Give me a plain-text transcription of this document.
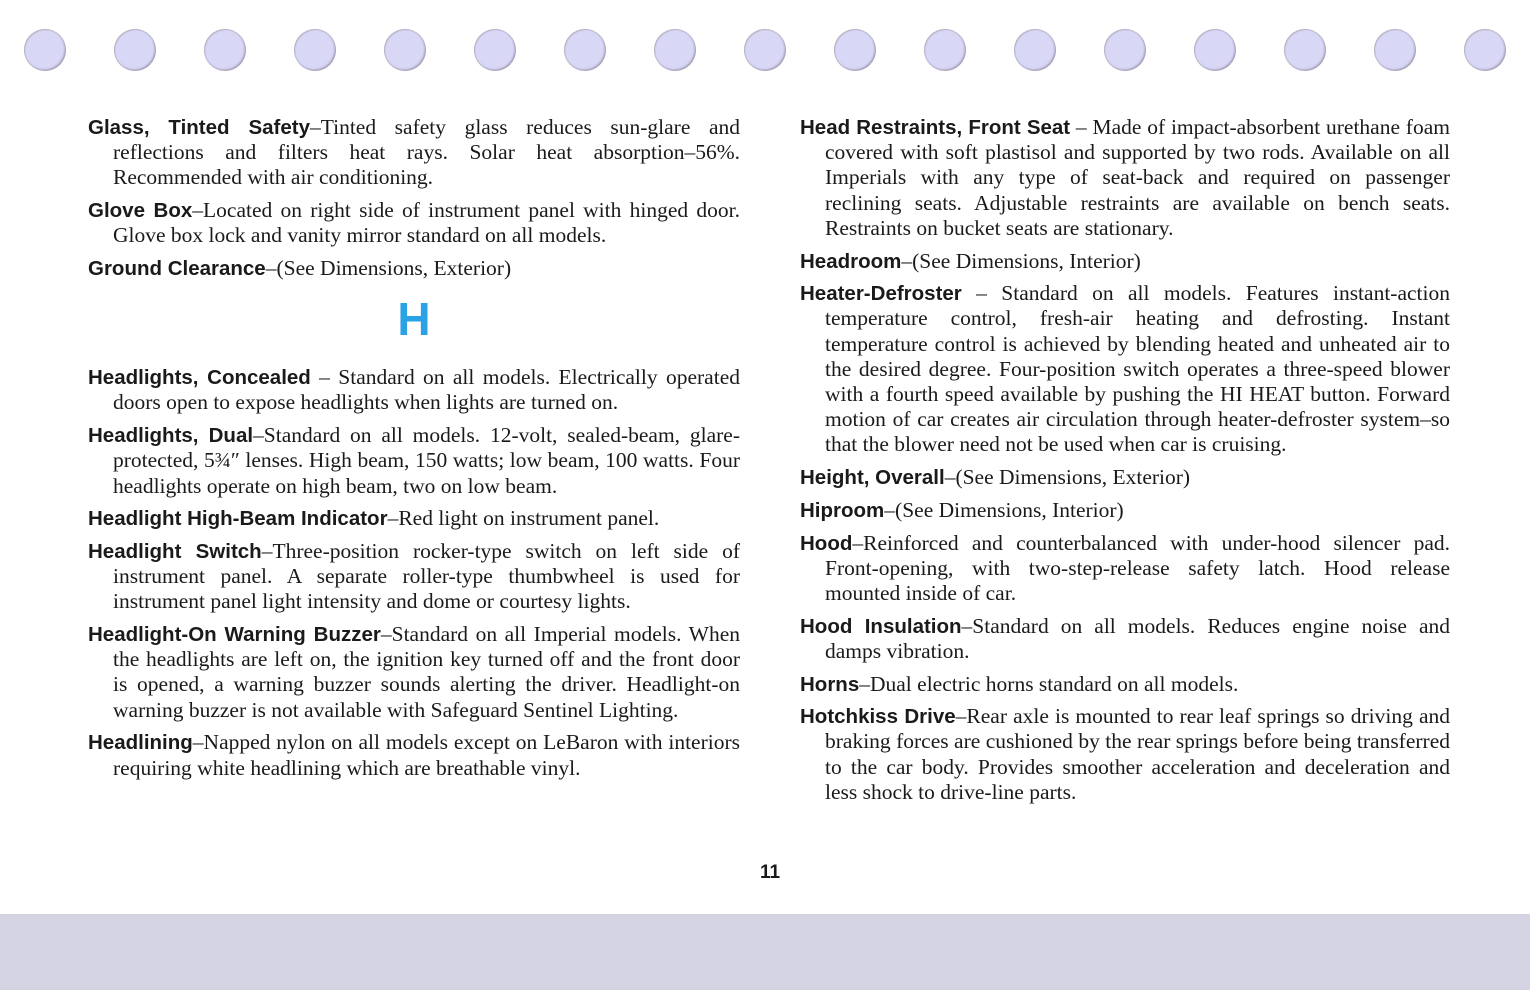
Glass, Tinted Safety–Tinted safety glass reduces sun-glare and reflections and filters heat rays. Solar heat absorption–56%. Recommended with air conditioning.

Glove Box–Located on right side of instrument panel with hinged door. Glove box lock and vanity mirror standard on all models.

Ground Clearance–(See Dimensions, Exterior)

H

Headlights, Concealed – Standard on all models. Electrically operated doors open to expose headlights when lights are turned on.

Headlights, Dual–Standard on all models. 12-volt, sealed-beam, glare-protected, 5¾″ lenses. High beam, 150 watts; low beam, 100 watts. Four headlights operate on high beam, two on low beam.

Headlight High-Beam Indicator–Red light on instrument panel.

Headlight Switch–Three-position rocker-type switch on left side of instrument panel. A separate roller-type thumbwheel is used for instrument panel light intensity and dome or courtesy lights.

Headlight-On Warning Buzzer–Standard on all Imperial models. When the headlights are left on, the ignition key turned off and the front door is opened, a warning buzzer sounds alerting the driver. Headlight-on warning buzzer is not available with Safeguard Sentinel Lighting.

Headlining–Napped nylon on all models except on LeBaron with interiors requiring white headlining which are breathable vinyl.

Head Restraints, Front Seat – Made of impact-absorbent urethane foam covered with soft plastisol and supported by two rods. Available on all Imperials with any type of seat-back and required on passenger reclining seats. Adjustable restraints are available on bench seats. Restraints on bucket seats are stationary.

Headroom–(See Dimensions, Interior)

Heater-Defroster – Standard on all models. Features instant-action temperature control, fresh-air heating and defrosting. Instant temperature control is achieved by blending heated and unheated air to the desired degree. Four-position switch operates a three-speed blower with a fourth speed available by pushing the HI HEAT button. Forward motion of car creates air circulation through heater-defroster system–so that the blower need not be used when car is cruising.

Height, Overall–(See Dimensions, Exterior)

Hiproom–(See Dimensions, Interior)

Hood–Reinforced and counterbalanced with under-hood silencer pad. Front-opening, with two-step-release safety latch. Hood release mounted inside of car.

Hood Insulation–Standard on all models. Reduces engine noise and damps vibration.

Horns–Dual electric horns standard on all models.

Hotchkiss Drive–Rear axle is mounted to rear leaf springs so driving and braking forces are cushioned by the rear springs before being transferred to the car body. Provides smoother acceleration and deceleration and less shock to drive-line parts.

11
